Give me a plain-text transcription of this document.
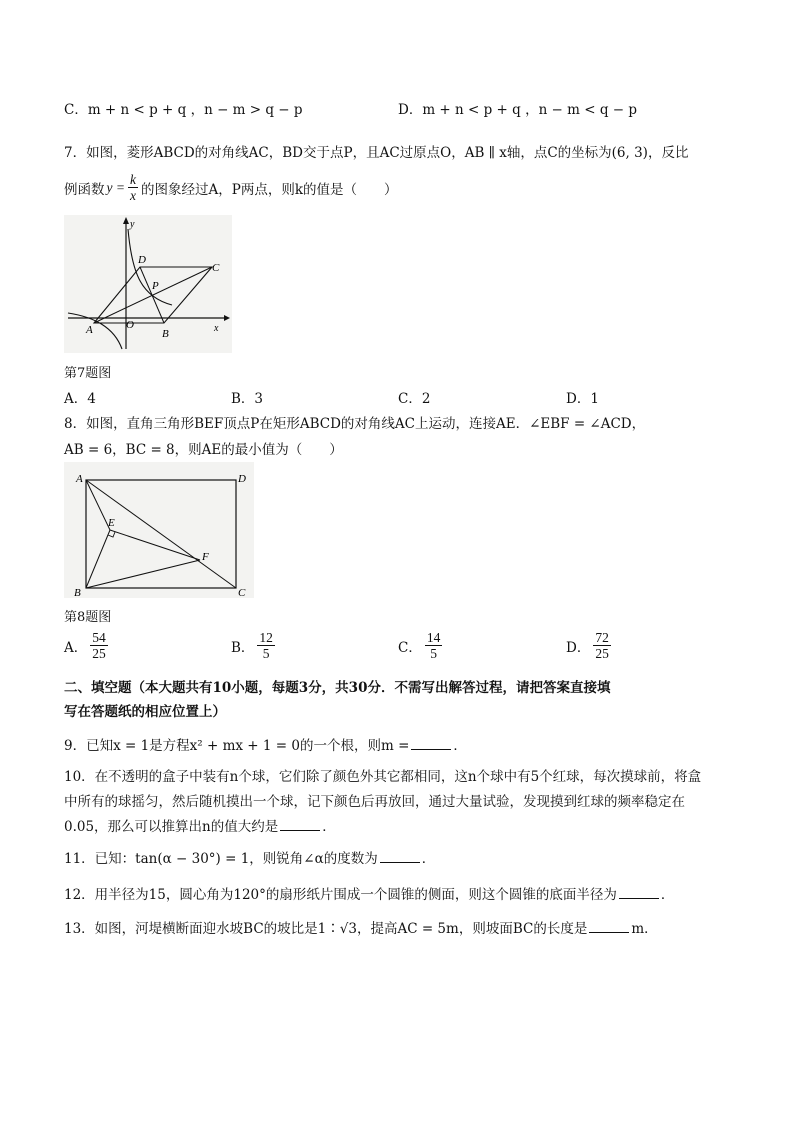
C．m + n < p + q ，n − m > q − p	D．m + n < p + q ，n − m < q − p
7．如图，菱形ABCD的对角线AC，BD交于点P，且AC过原点O，AB ∥ x轴，点C的坐标为(6, 3)，反比
例函数 $y = \frac{k}{x}$ 的图象经过A，P两点，则k的值是（　　）
y
x
O
A	B
C
D
P
第7题图
A．4	B．3	C．2	D．1
8．如图，直角三角形BEF顶点P在矩形ABCD的对角线AC上运动，连接AE．∠EBF = ∠ACD，
AB = 6，BC = 8，则AE的最小值为（　　）
A	D
B	C
E
F
第8题图
A． $\frac{54}{25}$	B． $\frac{12}{5}$	C． $\frac{14}{5}$	D． $\frac{72}{25}$
二、填空题（本大题共有10小题，每题3分，共30分．不需写出解答过程，请把答案直接填
写在答题纸的相应位置上）
9．已知x = 1是方程x² + mx + 1 = 0的一个根，则m =	．
10．在不透明的盒子中装有n个球，它们除了颜色外其它都相同，这n个球中有5个红球，每次摸球前，将盒
中所有的球摇匀，然后随机摸出一个球，记下颜色后再放回，通过大量试验，发现摸到红球的频率稳定在
0.05，那么可以推算出n的值大约是	．
11．已知：tan(α − 30°) = 1，则锐角∠α的度数为	．
12．用半径为15，圆心角为120°的扇形纸片围成一个圆锥的侧面，则这个圆锥的底面半径为	．
13．如图，河堤横断面迎水坡BC的坡比是1∶√3，提高AC = 5m，则坡面BC的长度是	m．
